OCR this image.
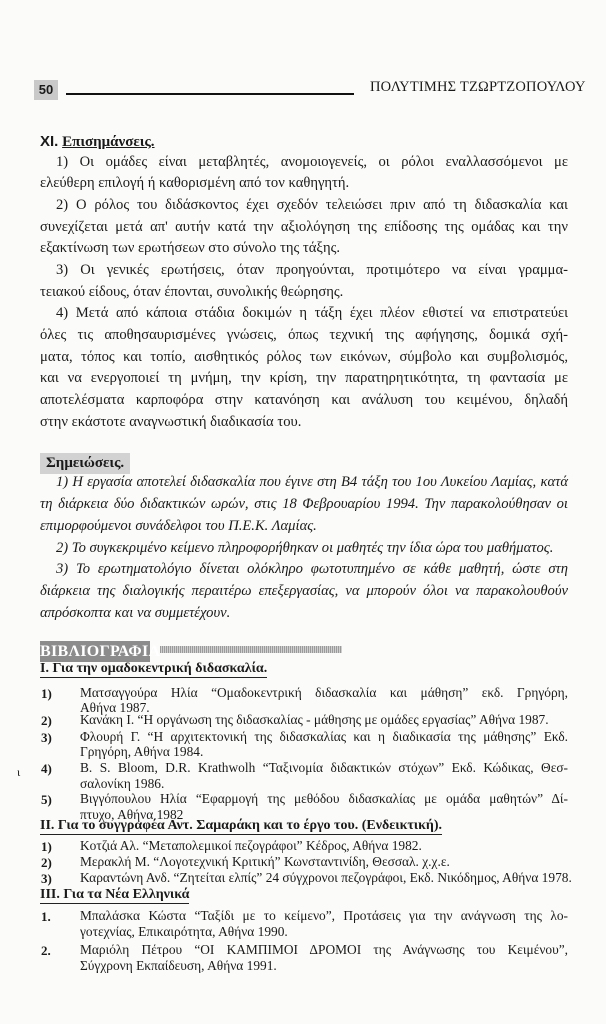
50	ΠΟΛΥΤΙΜΗΣ ΤΖΩΡΤΖΟΠΟΥΛΟΥ
XI. Επισημάνσεις.
1) Οι ομάδες είναι μεταβλητές, ανομοιογενείς, οι ρόλοι εναλλασσόμενοι με
ελεύθερη επιλογή ή καθορισμένη από τον καθηγητή.
2) Ο ρόλος του διδάσκοντος έχει σχεδόν τελειώσει πριν από τη διδασκαλία και
συνεχίζεται μετά απ' αυτήν κατά την αξιολόγηση της επίδοσης της ομάδας και την
εξακτίνωση των ερωτήσεων στο σύνολο της τάξης.
3) Οι γενικές ερωτήσεις, όταν προηγούνται, προτιμότερο να είναι γραμμα-
τειακού είδους, όταν έπονται, συνολικής θεώρησης.
4) Μετά από κάποια στάδια δοκιμών η τάξη έχει πλέον εθιστεί να επιστρατεύει
όλες τις αποθησαυρισμένες γνώσεις, όπως τεχνική της αφήγησης, δομικά σχή-
ματα, τόπος και τοπίο, αισθητικός ρόλος των εικόνων, σύμβολο και συμβολισμός,
και να ενεργοποιεί τη μνήμη, την κρίση, την παρατηρητικότητα, τη φαντασία με
αποτελέσματα καρποφόρα στην κατανόηση και ανάλυση του κειμένου, δηλαδή
στην εκάστοτε αναγνωστική διαδικασία του.
Σημειώσεις.
1) Η εργασία αποτελεί διδασκαλία που έγινε στη Β4 τάξη του 1ου Λυκείου Λαμίας, κατά
τη διάρκεια δύο διδακτικών ωρών, στις 18 Φεβρουαρίου 1994. Την παρακολούθησαν οι
επιμορφούμενοι συνάδελφοι του Π.Ε.Κ. Λαμίας.
2) Το συγκεκριμένο κείμενο πληροφορήθηκαν οι μαθητές την ίδια ώρα του μαθήματος.
3) Το ερωτηματολόγιο δίνεται ολόκληρο φωτοτυπημένο σε κάθε μαθητή, ώστε στη
διάρκεια της διαλογικής περαιτέρω επεξεργασίας, να μπορούν όλοι να παρακολουθούν
απρόσκοπτα και να συμμετέχουν.
ΒΙΒΛΙΟΓΡΑΦΙΑ
I. Για την ομαδοκεντρική διδασκαλία.
1) Ματσαγγούρα Ηλία “Ομαδοκεντρική διδασκαλία και μάθηση” εκδ. Γρηγόρη,
Αθήνα 1987.
2) Κανάκη Ι. “Η οργάνωση της διδασκαλίας - μάθησης με ομάδες εργασίας” Αθήνα 1987.
3) Φλουρή Γ. “Η αρχιτεκτονική της διδασκαλίας και η διαδικασία της μάθησης” Εκδ.
Γρηγόρη, Αθήνα 1984.
4) B. S. Bloom, D.R. Krathwolh “Ταξινομία διδακτικών στόχων” Εκδ. Κώδικας, Θεσ-
σαλονίκη 1986.
5) Βιγγόπουλου Ηλία “Εφαρμογή της μεθόδου διδασκαλίας με ομάδα μαθητών” Δί-
πτυχο, Αθήνα 1982
II. Για το συγγραφέα Αντ. Σαμαράκη και το έργο του. (Ενδεικτική).
1) Κοτζιά Αλ. “Μεταπολεμικοί πεζογράφοι” Κέδρος, Αθήνα 1982.
2) Μερακλή Μ. “Λογοτεχνική Κριτική” Κωνσταντινίδη, Θεσσαλ. χ.χ.ε.
3) Καραντώνη Ανδ. “Ζητείται ελπίς” 24 σύγχρονοι πεζογράφοι, Εκδ. Νικόδημος, Αθήνα 1978.
III. Για τα Νέα Ελληνικά
1. Μπαλάσκα Κώστα “Ταξίδι με το κείμενο”, Προτάσεις για την ανάγνωση της λο-
γοτεχνίας, Επικαιρότητα, Αθήνα 1990.
2. Μαριόλη Πέτρου “ΟΙ ΚΑΜΠΙΜΟΙ ΔΡΟΜΟΙ της Ανάγνωσης του Κειμένου”,
Σύγχρονη Εκπαίδευση, Αθήνα 1991.
ι
